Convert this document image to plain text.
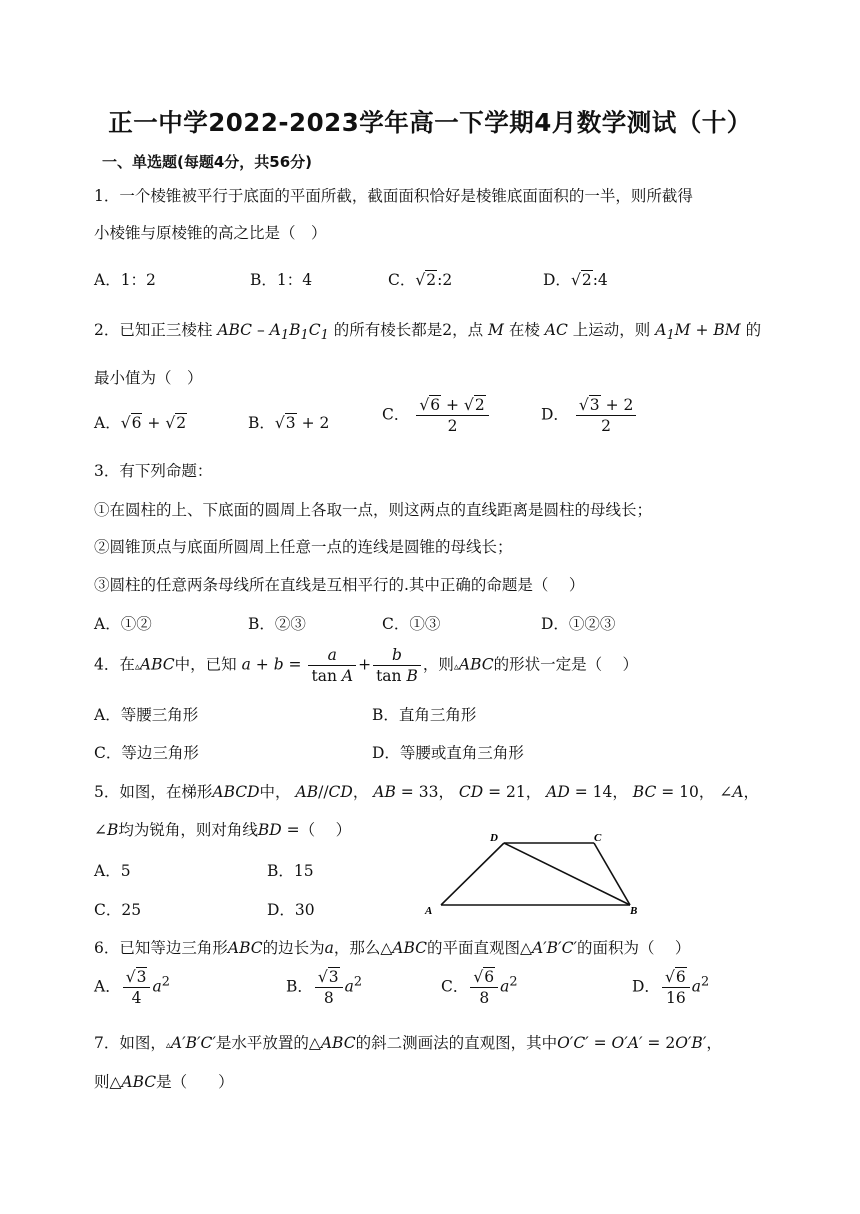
正一中学2022-2023学年高一下学期4月数学测试（十）
一、单选题(每题4分，共56分)
1．一个棱锥被平行于底面的平面所截，截面面积恰好是棱锥底面面积的一半，则所截得
小棱锥与原棱锥的高之比是（　）
A．1：2	B．1：4	C．√2:2	D．√2:4
2．已知正三棱柱 ABC – $A_1B_1C_1$ 的所有棱长都是2，点 M 在棱 AC 上运动，则 $A_1M$ + BM 的
最小值为（　）
A．√6 + √2	B．√3 + 2	C． $\frac{√6 + √2}{2}$	D． $\frac{√3 + 2}{2}$
3．有下列命题：
①在圆柱的上、下底面的圆周上各取一点，则这两点的直线距离是圆柱的母线长；
②圆锥顶点与底面所圆周上任意一点的连线是圆锥的母线长；
③圆柱的任意两条母线所在直线是互相平行的.其中正确的命题是（　 ）
A．①②	B．②③	C．①③	D．①②③
4．在▵ABC中，已知 $a + b = \frac{a}{\text{tan A}} + \frac{b}{\text{tan B}}$ ，则▵ABC的形状一定是（　 ）
A．等腰三角形	B．直角三角形
C．等边三角形	D．等腰或直角三角形
5．如图，在梯形ABCD中， AB//CD， AB = 33， CD = 21， AD = 14， BC = 10， ∠A，
∠B均为锐角，则对角线BD =（　 ）
A．5	B．15
C．25	D．30
D	C
A	B
6．已知等边三角形ABC的边长为a，那么△ABC的平面直观图△A′B′C′的面积为（　 ）
A． $\frac{√3}{4} a^2$	B． $\frac{√3}{8} a^2$	C． $\frac{√6}{8} a^2$	D． $\frac{√6}{16} a^2$
7．如图，▵A′B′C′是水平放置的△ABC的斜二测画法的直观图，其中O′C′ = O′A′ = 2O′B′，
则△ABC是（　　）
